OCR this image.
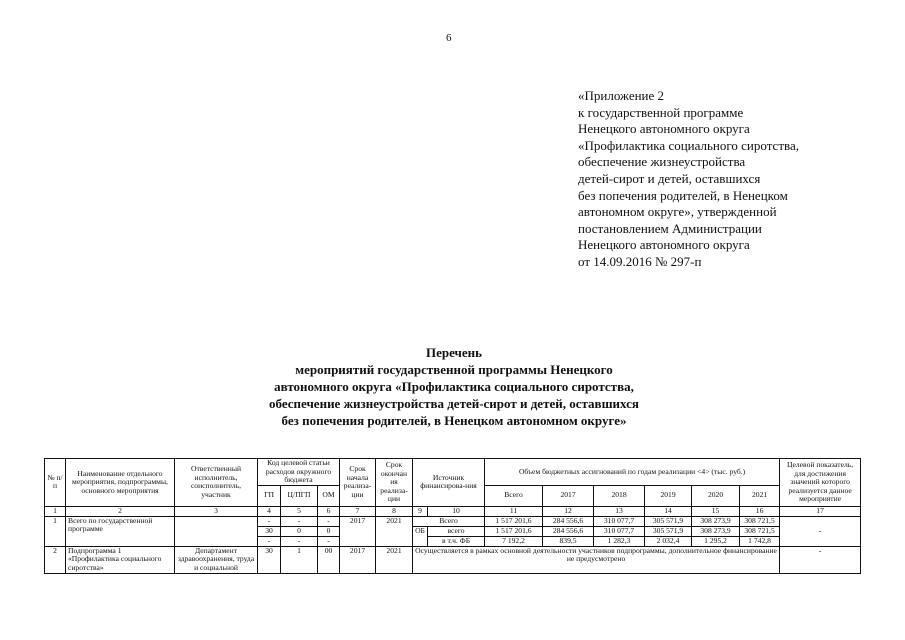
6
«Приложение 2
к государственной программе
Ненецкого автономного округа
«Профилактика социального сиротства,
обеспечение жизнеустройства
детей-сирот и детей, оставшихся
без попечения родителей, в Ненецком
автономном округе», утвержденной
постановлением Администрации
Ненецкого автономного округа
от 14.09.2016 № 297-п
Перечень
мероприятий государственной программы Ненецкого
автономного округа «Профилактика социального сиротства,
обеспечение жизнеустройства детей-сирот и детей, оставшихся
без попечения родителей, в Ненецком автономном округе»
№ п/п	Наименование отдельного мероприятия, подпрограммы, основного мероприятия	Ответственный исполнитель, соисполнитель, участник	Код целевой статьи расходов окружного бюджета			Срок начала реализа-ции	Срок окончан ия реализа-ции	Источник финансирова-ния		Объем бюджетных ассигнований по годам реализации <4> (тыс. руб.)						Целевой показатель, для достижения значений которого реализуется данное мероприятие
			ГП	Ц/ПГП	ОМ					Всего	2017	2018	2019	2020	2021	
1	2	3	4	5	6	7	8	9	10	11	12	13	14	15	16	17
1	Всего по государственной программе		-	-	-	2017	2021	Всего		1 517 201,6	284 556,6	310 077,7	305 571,9	308 273,9	308 721,5	-
			30	0	0			ОБ	всего	1 517 201,6	284 556,6	310 077,7	305 571,9	308 273,9	308 721,5	
			-	-	-				в т.ч. ФБ	7 192,2	839,5	1 282,3	2 032,4	1 295,2	1 742,8	
2	Подпрограмма 1 «Профилактика социального сиротства»	Департамент здравоохранения, труда и социальной	30	1	00	2017	2021	Осуществляется в рамках основной деятельности участников подпрограммы, дополнительное финансирование не предусмотрено								-
